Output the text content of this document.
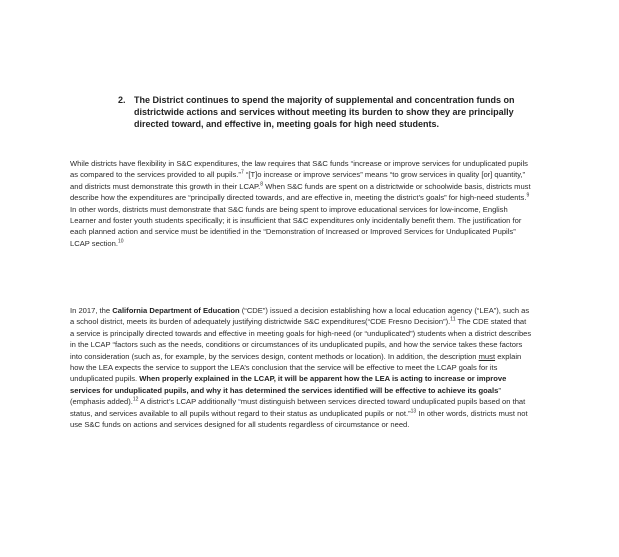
2. The District continues to spend the majority of supplemental and concentration funds on districtwide actions and services without meeting its burden to show they are principally directed toward, and effective in, meeting goals for high need students.

While districts have flexibility in S&C expenditures, the law requires that S&C funds “increase or improve services for unduplicated pupils as compared to the services provided to all pupils.”$^7$ “[T]o increase or improve services” means “to grow services in quality [or] quantity,” and districts must demonstrate this growth in their LCAP.$^8$ When S&C funds are spent on a districtwide or schoolwide basis, districts must describe how the expenditures are “principally directed towards, and are effective in, meeting the district’s goals” for high-need students.$^9$ In other words, districts must demonstrate that S&C funds are being spent to improve educational services for low-income, English Learner and foster youth students specifically; it is insufficient that S&C expenditures only incidentally benefit them. The justification for each planned action and service must be identified in the “Demonstration of Increased or Improved Services for Unduplicated Pupils” LCAP section.$^{10}$

In 2017, the California Department of Education (“CDE”) issued a decision establishing how a local education agency (“LEA”), such as a school district, meets its burden of adequately justifying districtwide S&C expenditures(“CDE Fresno Decision”).$^{11}$ The CDE stated that a service is principally directed towards and effective in meeting goals for high-need (or “unduplicated”) students when a district describes in the LCAP “factors such as the needs, conditions or circumstances of its unduplicated pupils, and how the service takes these factors into consideration (such as, for example, by the services design, content methods or location). In addition, the description must explain how the LEA expects the service to support the LEA’s conclusion that the service will be effective to meet the LCAP goals for its unduplicated pupils. When properly explained in the LCAP, it will be apparent how the LEA is acting to increase or improve services for unduplicated pupils, and why it has determined the services identified will be effective to achieve its goals” (emphasis added).$^{12}$ A district’s LCAP additionally “must distinguish between services directed toward unduplicated pupils based on that status, and services available to all pupils without regard to their status as unduplicated pupils or not.”$^{13}$ In other words, districts must not use S&C funds on actions and services designed for all students regardless of circumstance or need.
